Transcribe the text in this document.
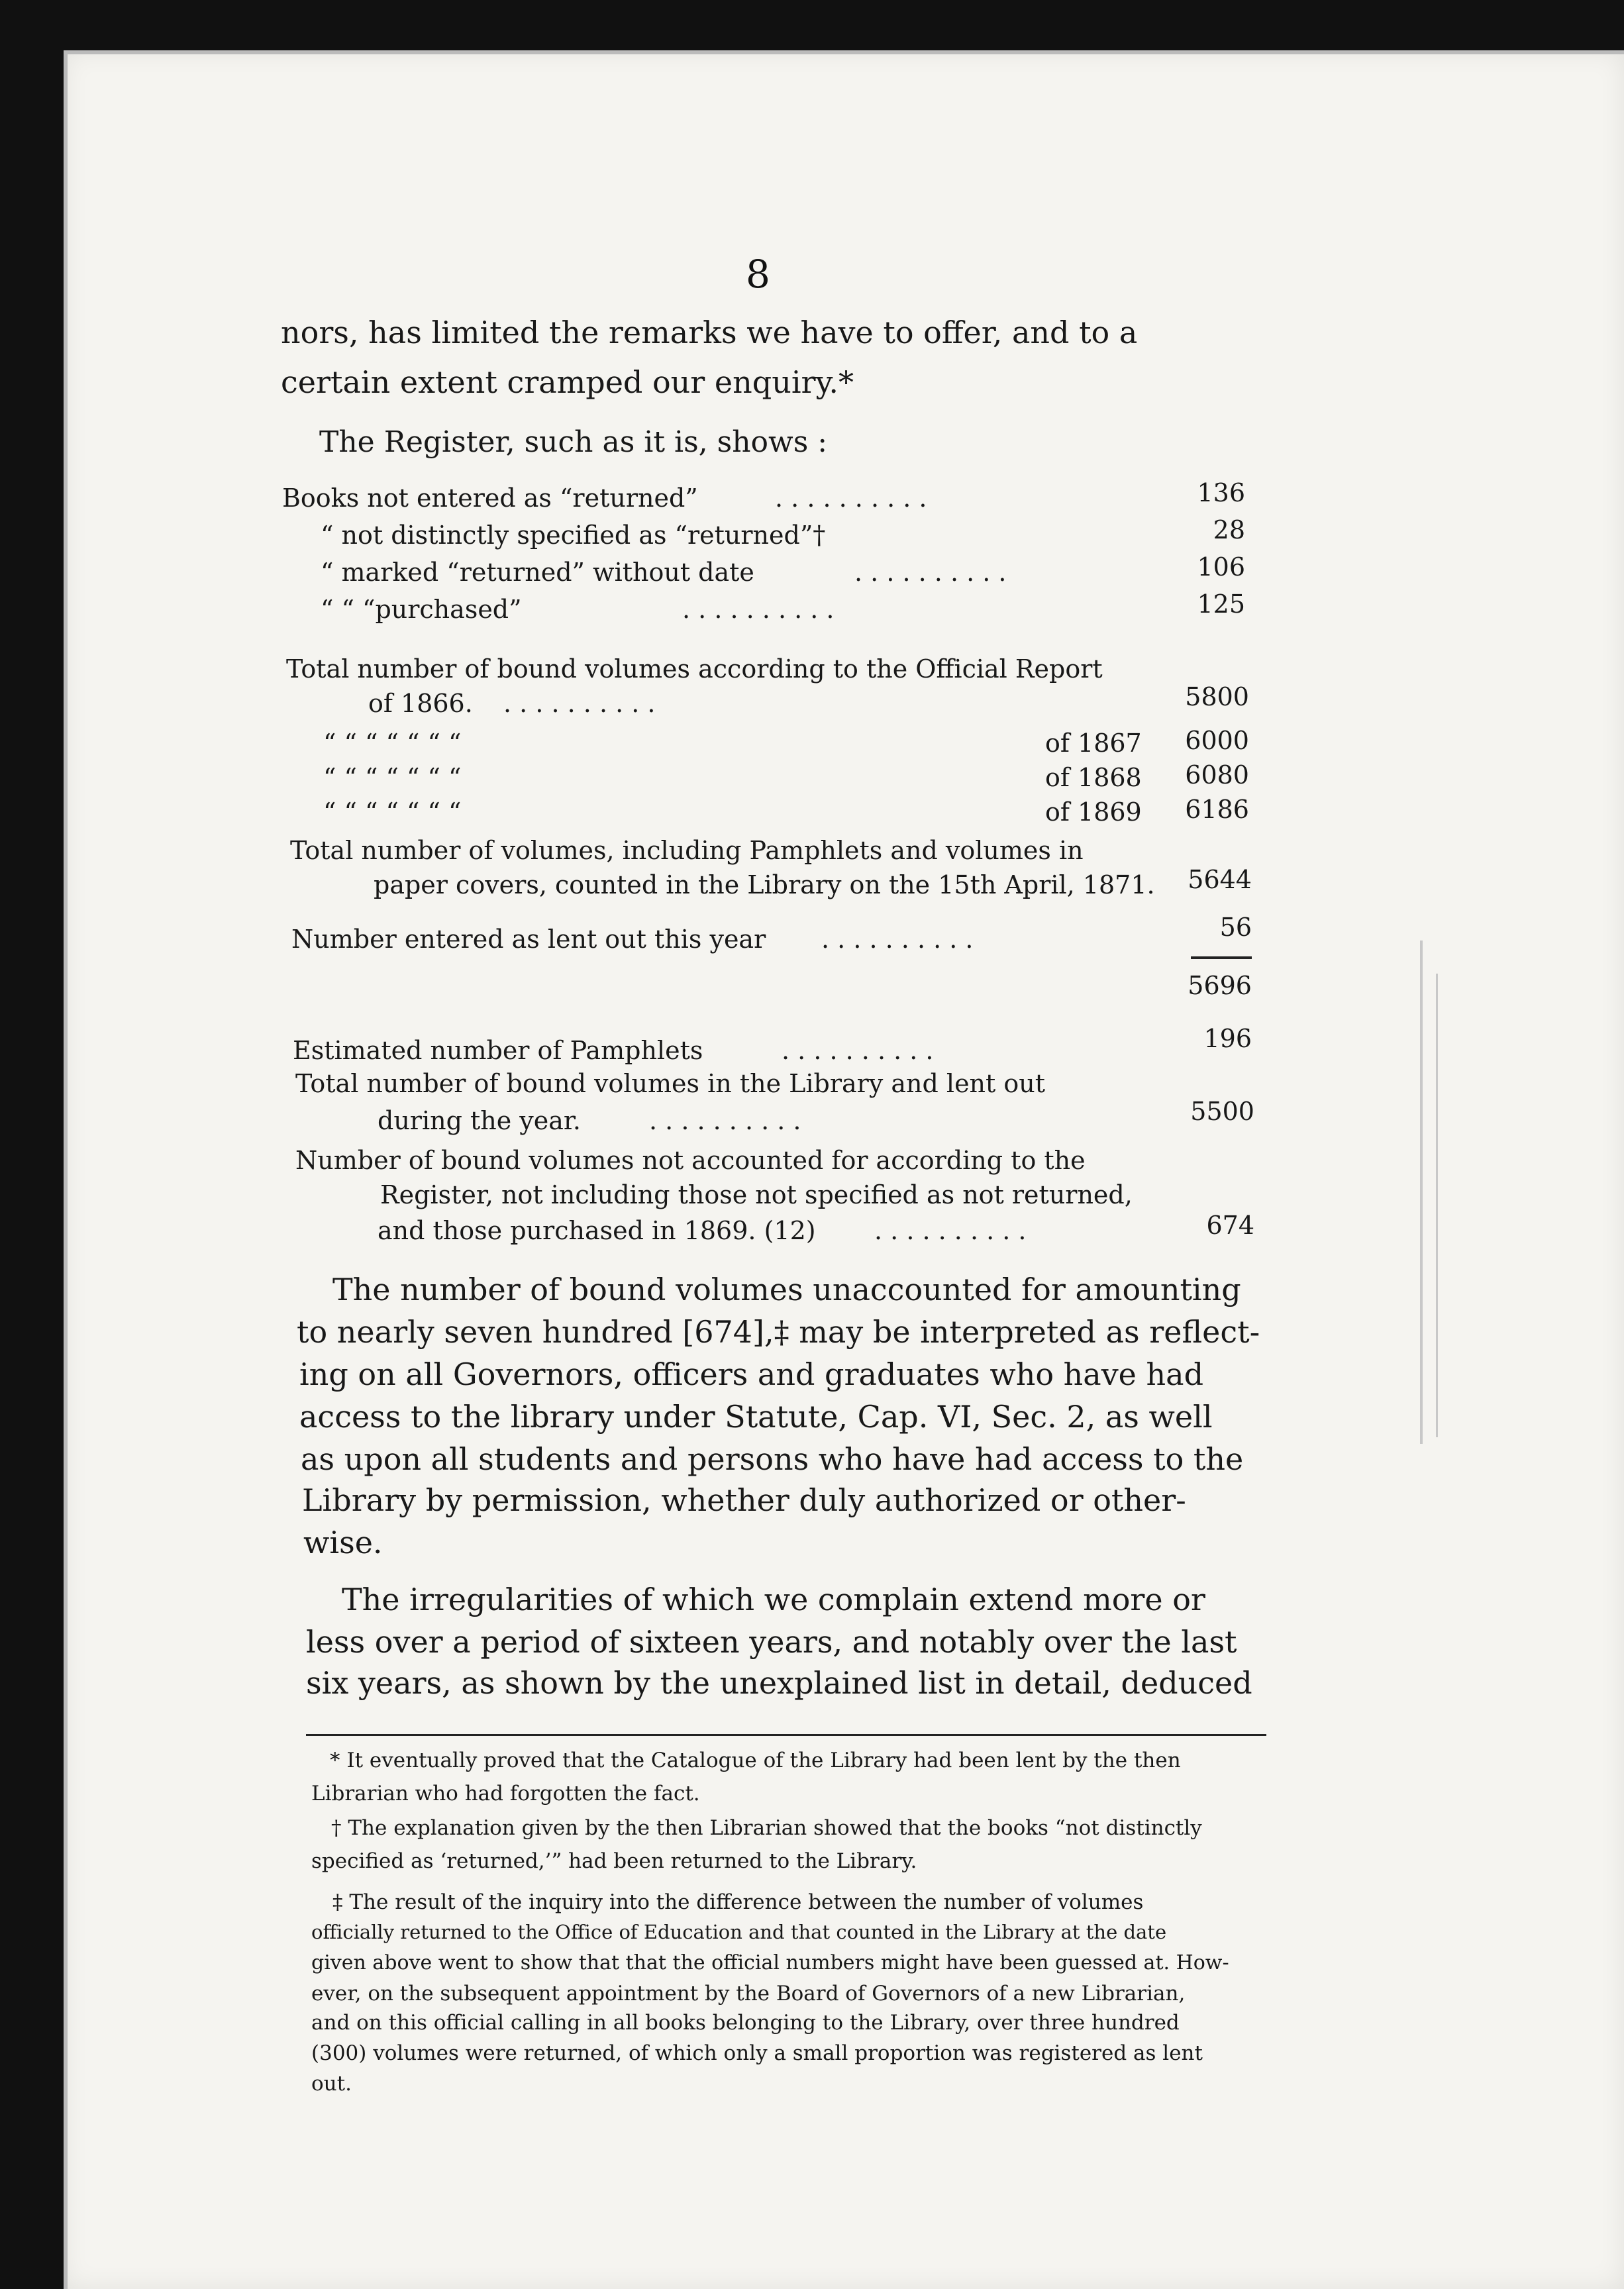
8
nors, has limited the remarks we have to offer, and to a
certain extent cramped our enquiry.*
The Register, such as it is, shows :
Books not entered as “returned”	. . . . . . . . . .	136
“ not distinctly specified as “returned”†	28
“ marked “returned” without date	. . . . . . . . . .	106
“ “ “purchased”	. . . . . . . . . .	125
Total number of bound volumes according to the Official Report
of 1866. . . . . . . . . . .	5800
“ “ “ “ “ “ “	of 1867	6000
“ “ “ “ “ “ “	of 1868	6080
“ “ “ “ “ “ “	of 1869	6186
Total number of volumes, including Pamphlets and volumes in
paper covers, counted in the Library on the 15th April, 1871.	5644
Number entered as lent out this year . . . . . . . . . .	56
5696
Estimated number of Pamphlets	. . . . . . . . . .	196
Total number of bound volumes in the Library and lent out
during the year.	. . . . . . . . . .	5500
Number of bound volumes not accounted for according to the
Register, not including those not specified as not returned,
and those purchased in 1869. (12) . . . . . . . . . .	674
The number of bound volumes unaccounted for amounting
to nearly seven hundred [674],‡ may be interpreted as reflect-
ing on all Governors, officers and graduates who have had
access to the library under Statute, Cap. VI, Sec. 2, as well
as upon all students and persons who have had access to the
Library by permission, whether duly authorized or other-
wise.
The irregularities of which we complain extend more or
less over a period of sixteen years, and notably over the last
six years, as shown by the unexplained list in detail, deduced
* It eventually proved that the Catalogue of the Library had been lent by the then
Librarian who had forgotten the fact.
† The explanation given by the then Librarian showed that the books “not distinctly
specified as ‘returned,’” had been returned to the Library.
‡ The result of the inquiry into the difference between the number of volumes
officially returned to the Office of Education and that counted in the Library at the date
given above went to show that that the official numbers might have been guessed at. How-
ever, on the subsequent appointment by the Board of Governors of a new Librarian,
and on this official calling in all books belonging to the Library, over three hundred
(300) volumes were returned, of which only a small proportion was registered as lent
out.
